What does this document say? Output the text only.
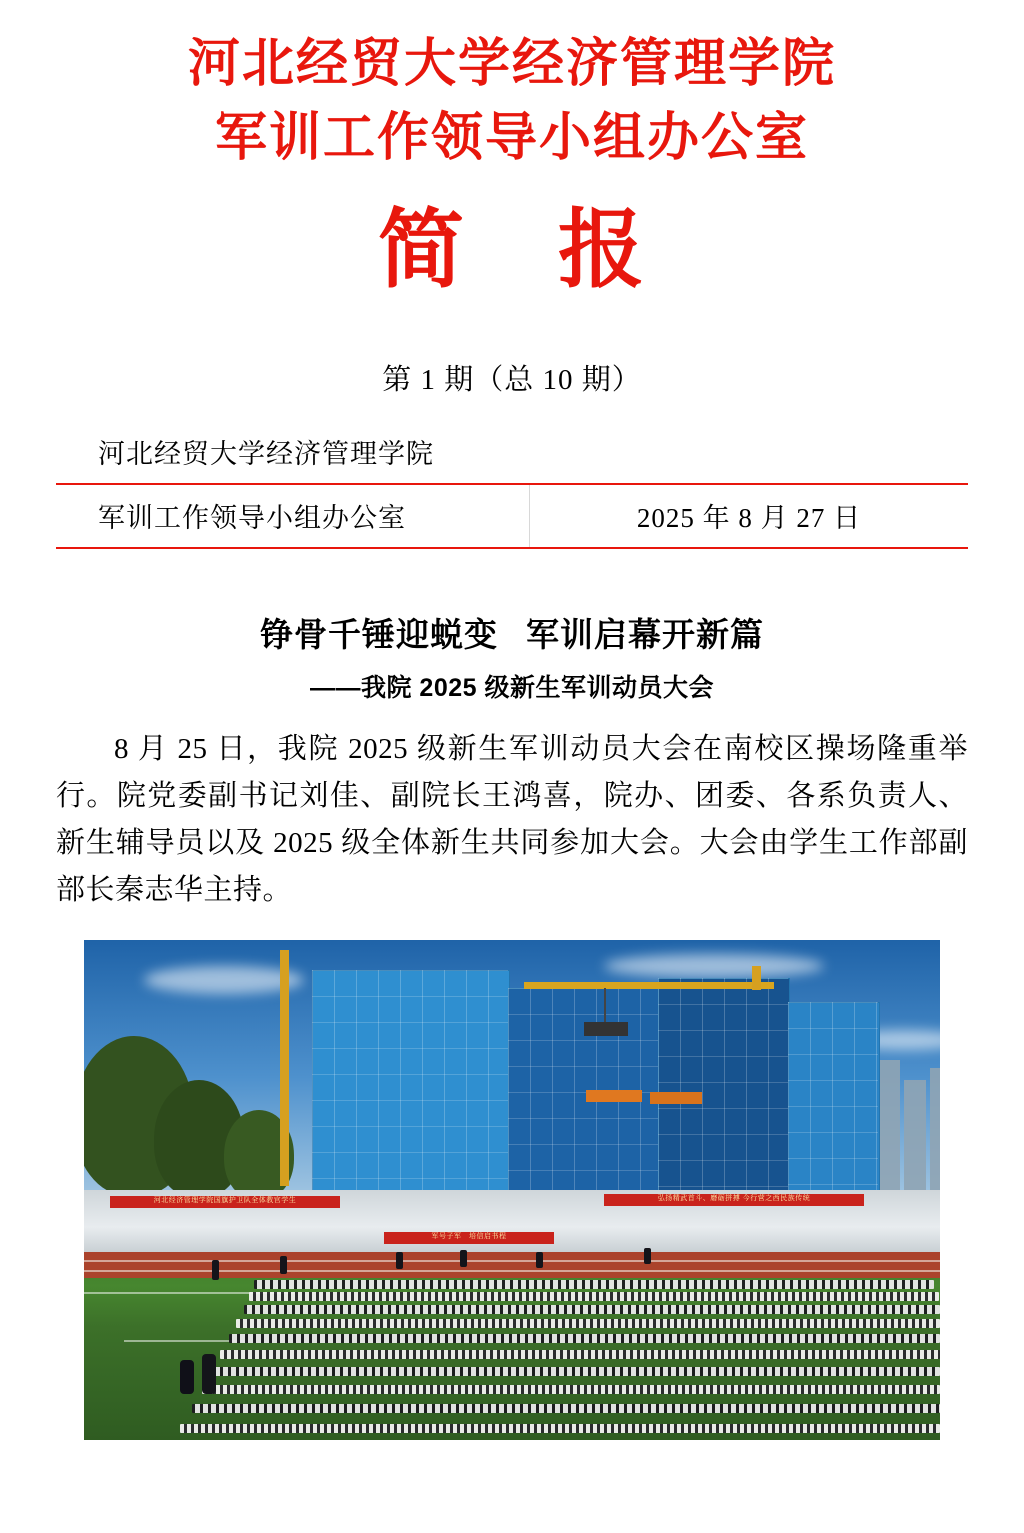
河北经贸大学经济管理学院
军训工作领导小组办公室
简 报
第 1 期（总 10 期）
河北经贸大学经济管理学院
军训工作领导小组办公室	2025 年 8 月 27 日
铮骨千锤迎蜕变 军训启幕开新篇
——我院 2025 级新生军训动员大会
8 月 25 日，我院 2025 级新生军训动员大会在南校区操场隆重举行。院党委副书记刘佳、副院长王鸿喜，院办、团委、各系负责人、新生辅导员以及 2025 级全体新生共同参加大会。大会由学生工作部副部长秦志华主持。
河北经济管理学院国旗护卫队全体教官学生	弘扬精武首斗、磨砺拼搏 今行营之西民族传统
军号子军　培信启书程
